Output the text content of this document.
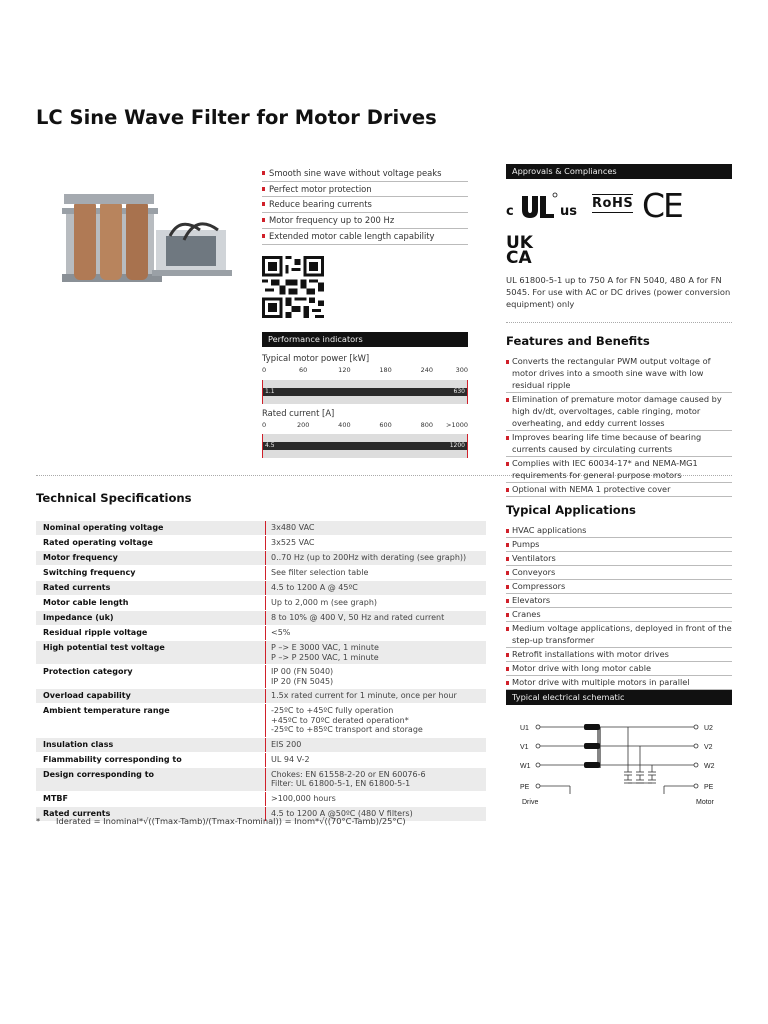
LC Sine Wave Filter for Motor Drives
Smooth sine wave without voltage peaks
Perfect motor protection
Reduce bearing currents
Motor frequency up to 200 Hz
Extended motor cable length capability
Performance indicators
Typical motor power [kW]
0	60	120	180	240	300
1.1	630
Rated current [A]
0	200	400	600	800 >1000
4.5	1200
Technical Specifications
Nominal operating voltage	3x480 VAC
Rated operating voltage	3x525 VAC
Motor frequency	0..70 Hz (up to 200Hz with derating (see graph))
Switching frequency	See filter selection table
Rated currents	4.5 to 1200 A @ 45ºC
Motor cable length	Up to 2,000 m (see graph)
Impedance (uk)	8 to 10% @ 400 V, 50 Hz and rated current
Residual ripple voltage	<5%
High potential test voltage	P –> E 3000 VAC, 1 minute
P –> P 2500 VAC, 1 minute
Protection category	IP 00 (FN 5040)
IP 20 (FN 5045)
Overload capability	1.5x rated current for 1 minute, once per hour
Ambient temperature range	-25ºC to +45ºC fully operation
+45ºC to 70ºC derated operation*
-25ºC to +85ºC transport and storage
Insulation class	EIS 200
Flammability corresponding to	UL 94 V-2
Design corresponding to	Chokes: EN 61558-2-20 or EN 60076-6
Filter: UL 61800-5-1, EN 61800-5-1
MTBF	>100,000 hours
Rated currents	4.5 to 1200 A @50ºC (480 V filters)
* Iderated = Inominal*√((Tmax-Tamb)/(Tmax-Tnominal)) = Inom*√((70°C-Tamb)/25°C)
Approvals & Compliances
c	us
RoHS CE
UK
CA

UL 61800-5-1 up to 750 A for FN 5040, 480 A for FN 5045. For use with AC or DC drives (power conversion equipment) only

Features and Benefits
Converts the rectangular PWM output voltage of motor drives into a smooth sine wave with low residual ripple
Elimination of premature motor damage caused by high dv/dt, overvoltages, cable ringing, motor overheating, and eddy current losses
Improves bearing life time because of bearing currents caused by circulating currents
Complies with IEC 60034-17* and NEMA-MG1 requirements for general purpose motors
Optional with NEMA 1 protective cover
Typical Applications
HVAC applications
Pumps
Ventilators
Conveyors
Compressors
Elevators
Cranes
Medium voltage applications, deployed in front of the step-up transformer
Retrofit installations with motor drives
Motor drive with long motor cable
Motor drive with multiple motors in parallel
Typical electrical schematic
U1
V1
W1
PE
U2
V2
W2
PE
Drive	Motor
